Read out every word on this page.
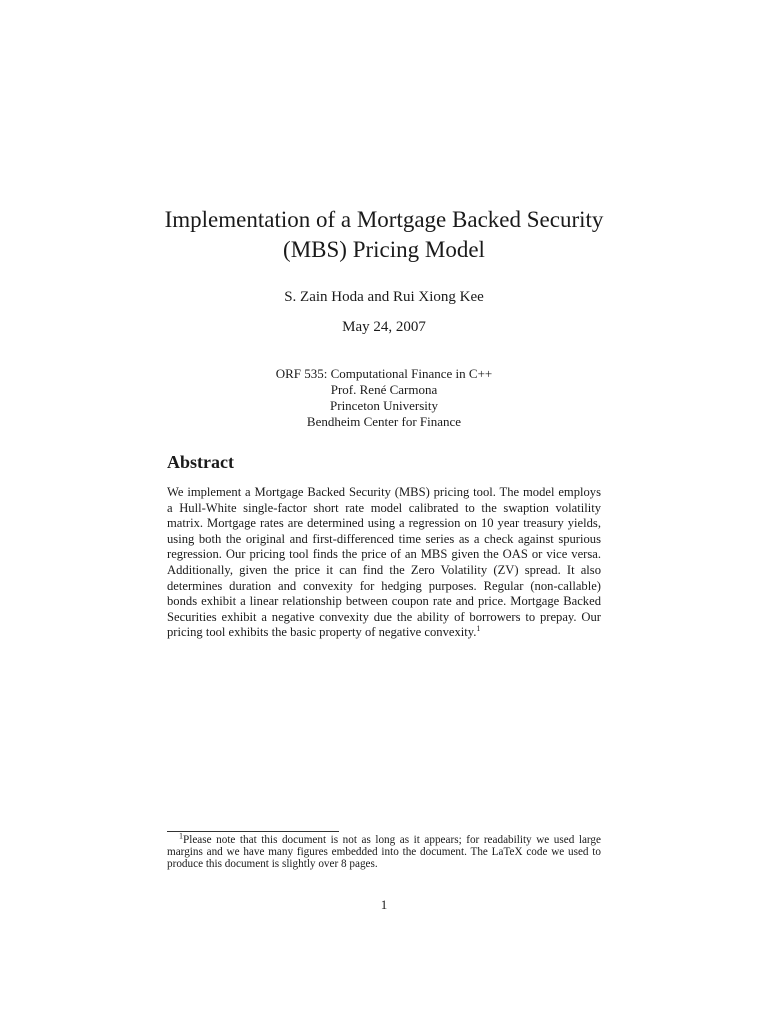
Implementation of a Mortgage Backed Security
(MBS) Pricing Model
S. Zain Hoda and Rui Xiong Kee
May 24, 2007
ORF 535: Computational Finance in C++
Prof. René Carmona
Princeton University
Bendheim Center for Finance
Abstract

We implement a Mortgage Backed Security (MBS) pricing tool. The model employs a Hull-White single-factor short rate model calibrated to the swaption volatility matrix. Mortgage rates are determined using a regression on 10 year treasury yields, using both the original and first-differenced time series as a check against spurious regression. Our pricing tool finds the price of an MBS given the OAS or vice versa. Additionally, given the price it can find the Zero Volatility (ZV) spread. It also determines duration and convexity for hedging purposes. Regular (non-callable) bonds exhibit a linear relationship between coupon rate and price. Mortgage Backed Securities exhibit a negative convexity due the ability of borrowers to prepay. Our pricing tool exhibits the basic property of negative convexity.$^1$

$^1$Please note that this document is not as long as it appears; for readability we used large margins and we have many figures embedded into the document. The LaTeX code we used to produce this document is slightly over 8 pages.

1
